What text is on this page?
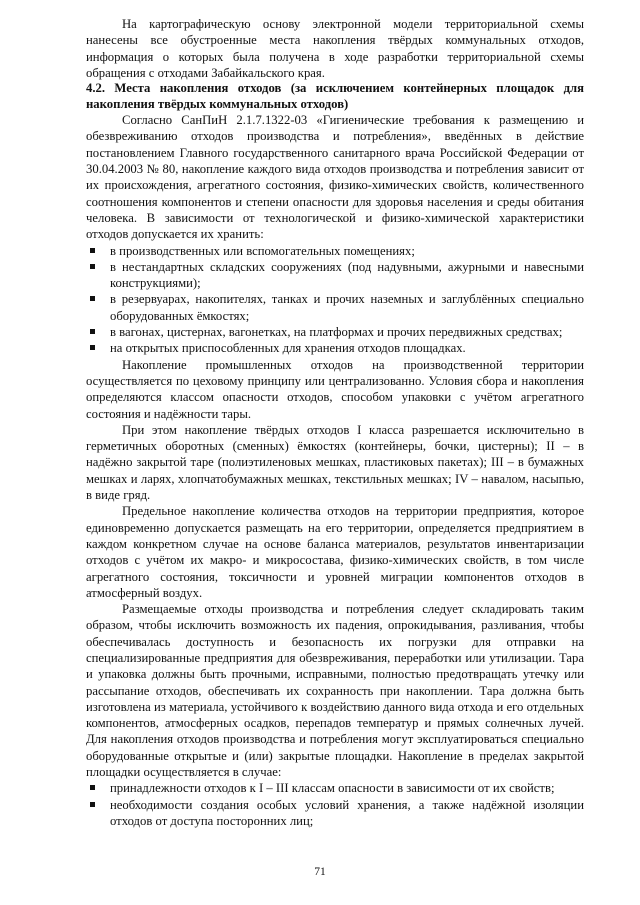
На картографическую основу электронной модели территориальной схемы нанесены все обустроенные места накопления твёрдых коммунальных отходов, информация о которых была получена в ходе разработки территориальной схемы обращения с отходами Забайкальского края.

4.2. Места накопления отходов (за исключением контейнерных площадок для накопления твёрдых коммунальных отходов)

Согласно СанПиН 2.1.7.1322-03 «Гигиенические требования к размещению и обезвреживанию отходов производства и потребления», введённых в действие постановлением Главного государственного санитарного врача Российской Федерации от 30.04.2003 № 80, накопление каждого вида отходов производства и потребления зависит от их происхождения, агрегатного состояния, физико-химических свойств, количественного соотношения компонентов и степени опасности для здоровья населения и среды обитания человека. В зависимости от технологической и физико-химической характеристики отходов допускается их хранить:

в производственных или вспомогательных помещениях;
в нестандартных складских сооружениях (под надувными, ажурными и навесными конструкциями);
в резервуарах, накопителях, танках и прочих наземных и заглублённых специально оборудованных ёмкостях;
в вагонах, цистернах, вагонетках, на платформах и прочих передвижных средствах;
на открытых приспособленных для хранения отходов площадках.

Накопление промышленных отходов на производственной территории осуществляется по цеховому принципу или централизованно. Условия сбора и накопления определяются классом опасности отходов, способом упаковки с учётом агрегатного состояния и надёжности тары.

При этом накопление твёрдых отходов I класса разрешается исключительно в герметичных оборотных (сменных) ёмкостях (контейнеры, бочки, цистерны); II – в надёжно закрытой таре (полиэтиленовых мешках, пластиковых пакетах); III – в бумажных мешках и ларях, хлопчатобумажных мешках, текстильных мешках; IV – навалом, насыпью, в виде гряд.

Предельное накопление количества отходов на территории предприятия, которое единовременно допускается размещать на его территории, определяется предприятием в каждом конкретном случае на основе баланса материалов, результатов инвентаризации отходов с учётом их макро- и микросостава, физико-химических свойств, в том числе агрегатного состояния, токсичности и уровней миграции компонентов отходов в атмосферный воздух.

Размещаемые отходы производства и потребления следует складировать таким образом, чтобы исключить возможность их падения, опрокидывания, разливания, чтобы обеспечивалась доступность и безопасность их погрузки для отправки на специализированные предприятия для обезвреживания, переработки или утилизации. Тара и упаковка должны быть прочными, исправными, полностью предотвращать утечку или рассыпание отходов, обеспечивать их сохранность при накоплении. Тара должна быть изготовлена из материала, устойчивого к воздействию данного вида отхода и его отдельных компонентов, атмосферных осадков, перепадов температур и прямых солнечных лучей. Для накопления отходов производства и потребления могут эксплуатироваться специально оборудованные открытые и (или) закрытые площадки. Накопление в пределах закрытой площадки осуществляется в случае:

принадлежности отходов к I – III классам опасности в зависимости от их свойств;
необходимости создания особых условий хранения, а также надёжной изоляции отходов от доступа посторонних лиц;
71
